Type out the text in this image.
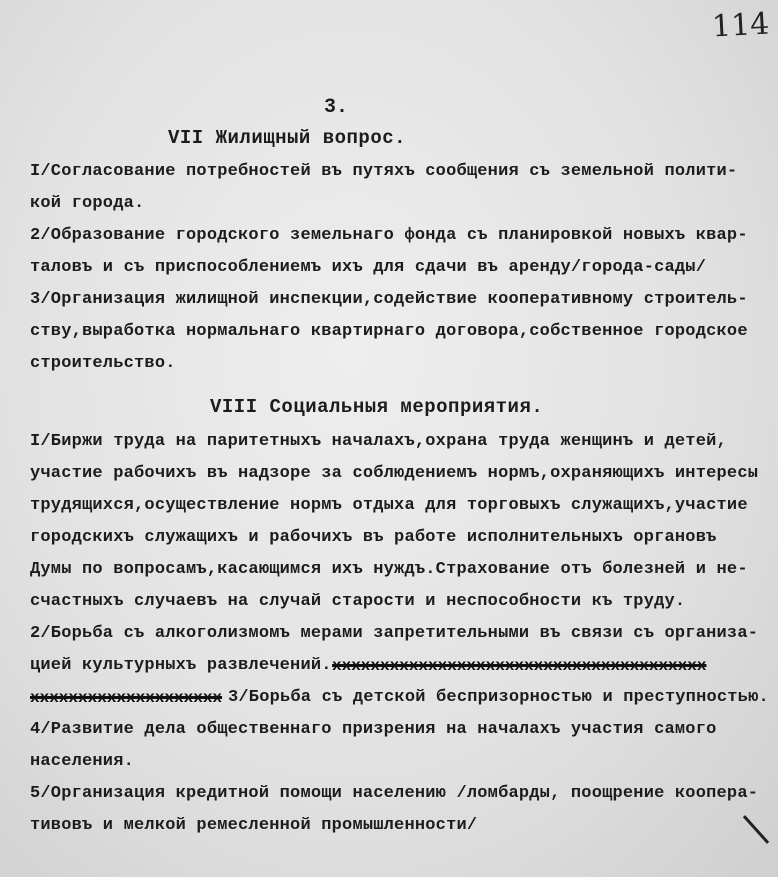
114
3.
VII Жилищный вопрос.
I/Согласование потребностей въ путяхъ сообщения съ земельной полити-
кой города.
2/Образование городского земельнаго фонда съ планировкой новыхъ квар-
таловъ и съ приспособлениемъ ихъ для сдачи въ аренду/города-сады/
3/Организация жилищной инспекции,содействие кооперативному строитель-
ству,выработка нормальнаго квартирнаго договора,собственное городское
строительство.
VIII Социальныя мероприятия.
I/Биржи труда на паритетныхъ началахъ,охрана труда женщинъ и детей,
участие рабочихъ въ надзоре за соблюдениемъ нормъ,охраняющихъ интересы
трудящихся,осуществление нормъ отдыха для торговыхъ служащихъ,участие
городскихъ служащихъ и рабочихъ въ работе исполнительныхъ органовъ
Думы по вопросамъ,касающимся ихъ нуждъ.Страхование отъ болезней и не-
счастныхъ случаевъ на случай старости и неспособности къ труду.
2/Борьба съ алкоголизмомъ мерами запретительными въ связи съ организа-
цией культурныхъ развлечений. xxxxxxxxxxxxxxxxxxxxxxxxxxxxxxxxxxxxxxx
xxxxxxxxxxxxxxxxxxxx 3/Борьба съ детской беспризорностью и преступностью.
4/Развитие дела общественнаго призрения на началахъ участия самого
населения.
5/Организация кредитной помощи населению /ломбарды, поощрение коопера-
тивовъ и мелкой ремесленной промышленности/
